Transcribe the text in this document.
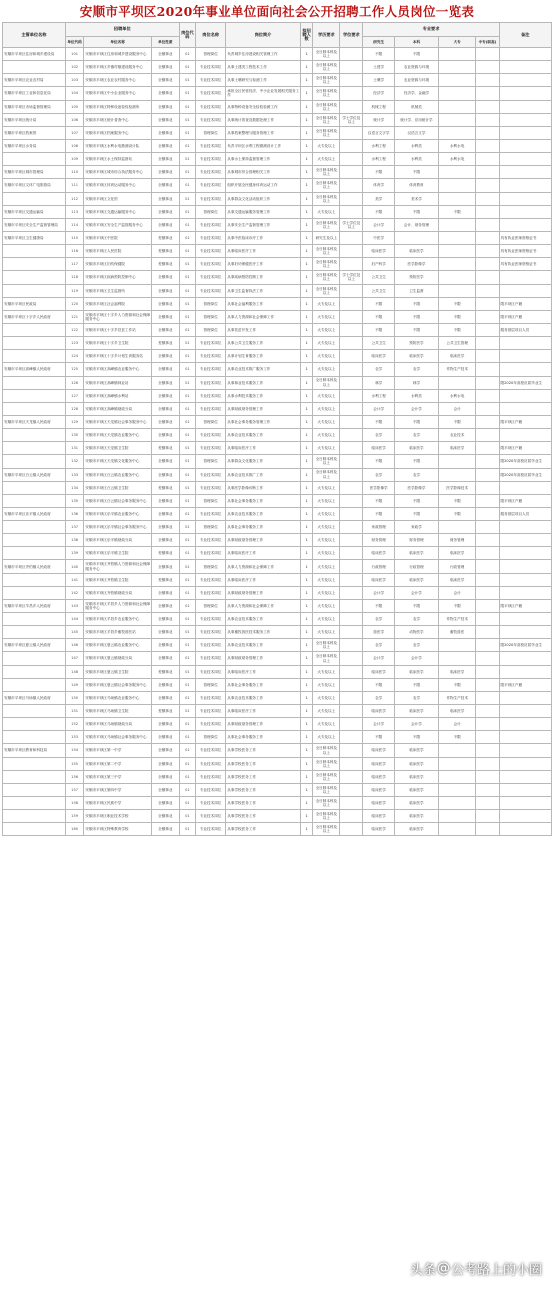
安顺市平坝区2020年事业单位面向社会公开招聘工作人员岗位一览表
主管单位名称	招聘单位			岗位代码	岗位名称	岗位简介	拟招聘人数	学历要求	学位要求	专业要求				备注
	单位代码	单位名称	单位性质							研究生	本科	大专	中专(职高)	
安顺市平坝区住房和城乡建设局	101	安顺市平坝区住房和城乡建设服务中心	全额事业	01	管理岗位	负责城乡住房建设相关管理工作	1	全日制本科及以上		不限	不限			
	102	安顺市平坝区乡镇村镇建设服务中心	全额事业	01	专业技术岗位	从事土建类工程技术工作	1	全日制本科及以上		土建学	农业资源与环境			
安顺市平坝区农业农村局	103	安顺市平坝区农业农村服务中心	全额事业	01	专业技术岗位	从事土壤研究与检测工作	1	全日制本科及以上		土壤学	农业资源与环境			
安顺市平坝区工业和信息化局	104	安顺市平坝区中小企业服务中心	全额事业	01	专业技术岗位	承担全区民营经济、中小企业发展相关服务工作	1	全日制本科及以上		经济学	经济学、金融学			
安顺市平坝区市场监督管理局	105	安顺市平坝区特种设备检验检测所	全额事业	01	专业技术岗位	从事特种设备安全检验检测工作	1	全日制本科及以上		机械工程	机械类			
安顺市平坝区统计局	106	安顺市平坝区统计普查中心	全额事业	01	专业技术岗位	从事统计普查及数据处理工作	1	全日制本科及以上	学士学位及以上	统计学	统计学、应用统计学			
安顺市平坝区档案馆	107	安顺市平坝区档案服务中心	全额事业	01	管理岗位	从事档案整理与服务管理工作	1	全日制本科及以上		汉语言文字学	汉语言文学			
安顺市平坝区水务局	108	安顺市平坝区水利水电勘测设计队	全额事业	01	专业技术岗位	负责平坝区水利工程勘测设计工作	1	大专及以上		水利工程	水利类	水利水电		
	109	安顺市平坝区水土保持监督站	全额事业	01	专业技术岗位	从事水土保持监督管理工作	1	大专及以上		水利工程	水利类	水利水电		
安顺市平坝区城市管理局	110	安顺市平坝区城市综合执法服务中心	全额事业	01	专业技术岗位	从事城市综合管理相关工作	1	全日制本科及以上		不限	不限			
安顺市平坝区文体广电旅游局	111	安顺市平坝区体育运动服务中心	全额事业	01	专业技术岗位	组织开展全民健身体育运动工作	1	全日制本科及以上		体育学	体育教育			
	112	安顺市平坝区文化馆	全额事业	01	专业技术岗位	从事群众文化活动组织工作	1	全日制本科及以上		美学	美术学			
安顺市平坝区交通运输局	113	安顺市平坝区交通运输服务中心	全额事业	01	管理岗位	从事交通运输服务管理工作	1	大专及以上		不限	不限	不限		
安顺市平坝区安全生产监督管理局	114	安顺市平坝区安全生产监管服务中心	全额事业	01	专业技术岗位	从事安全生产监督管理工作	1	全日制本科及以上	学士学位及以上	会计学	会计、财务管理			
安顺市平坝区卫生健康局	115	安顺市平坝区中医院	差额事业	01	专业技术岗位	从事中医临床诊疗工作	1	研究生及以上		中医学				具有执业医师资格证书
	116	安顺市平坝区人民医院	差额事业	01	专业技术岗位	从事临床医疗工作	1	全日制本科及以上		临床医学	临床医学			具有执业医师资格证书
	117	安顺市平坝区妇幼保健院	差额事业	01	专业技术岗位	从事妇幼保健医疗工作	1	全日制本科及以上		妇产科学	医学影像学			具有执业医师资格证书
	118	安顺市平坝区疾病预防控制中心	全额事业	01	专业技术岗位	从事疾病预防控制工作	1	全日制本科及以上	学士学位及以上	公共卫生	预防医学			
	119	安顺市平坝区卫生监督所	全额事业	01	专业技术岗位	从事卫生监督执法工作	1	全日制本科及以上		公共卫生	卫生监督			
安顺市平坝区民政局	120	安顺市平坝区社会福利院	全额事业	01	管理岗位	从事社会福利服务工作	1	大专及以上		不限	不限	不限		限平坝区户籍
安顺市平坝区十字乡人民政府	121	安顺市平坝区十字乡人力资源和社会保障服务中心	全额事业	01	管理岗位	从事人力资源和社会保障工作	1	大专及以上		不限	不限	不限		限平坝区户籍
	122	安顺市平坝区十字乡扶贫工作站	全额事业	01	管理岗位	从事扶贫开发工作	1	大专及以上		不限	不限	不限		服务基层项目人员
	123	安顺市平坝区十字乡卫生院	差额事业	01	专业技术岗位	从事公共卫生服务工作	1	大专及以上		公共卫生	预防医学	公共卫生管理		
	124	安顺市平坝区十字乡计划生育服务站	全额事业	01	专业技术岗位	从事计划生育服务工作	1	大专及以上		临床医学	临床医学	临床医学		
安顺市平坝区高峰镇人民政府	125	安顺市平坝区高峰镇农业服务中心	全额事业	01	专业技术岗位	从事农业技术推广服务工作	1	大专及以上		农学	农学	作物生产技术		
	126	安顺市平坝区高峰镇林业站	全额事业	01	专业技术岗位	从事林业技术服务工作	1	全日制本科及以上		林学	林学			限2020年高校应届毕业生
	127	安顺市平坝区高峰镇水利站	全额事业	01	专业技术岗位	从事水利技术服务工作	1	大专及以上		水利工程	水利类	水利水电		
	128	安顺市平坝区高峰镇财政分局	全额事业	01	专业技术岗位	从事财政财务管理工作	1	大专及以上		会计学	会计学	会计		
安顺市平坝区天龙镇人民政府	129	安顺市平坝区天龙镇社会事务服务中心	全额事业	01	管理岗位	从事社会事务服务管理工作	1	大专及以上		不限	不限	不限		限平坝区户籍
	130	安顺市平坝区天龙镇农业服务中心	全额事业	01	专业技术岗位	从事农业技术服务工作	1	大专及以上		农学	农学	农业技术		
	131	安顺市平坝区天龙镇卫生院	差额事业	01	专业技术岗位	从事临床医疗工作	1	大专及以上		临床医学	临床医学	临床医学		限平坝区户籍
	132	安顺市平坝区天龙镇文化服务中心	全额事业	01	管理岗位	从事群众文化服务工作	1	全日制本科及以上		不限	不限			限2020年高校应届毕业生
安顺市平坝区白云镇人民政府	133	安顺市平坝区白云镇农业服务中心	全额事业	01	专业技术岗位	从事农业技术推广工作	1	全日制本科及以上		农学	农学			限2020年高校应届毕业生
	134	安顺市平坝区白云镇卫生院	差额事业	01	专业技术岗位	从事医学影像诊断工作	1	大专及以上		医学影像学	医学影像学	医学影像技术		
	135	安顺市平坝区白云镇社会事务服务中心	全额事业	01	管理岗位	从事社会事务服务工作	1	大专及以上		不限	不限	不限		限平坝区户籍
安顺市平坝区乐平镇人民政府	136	安顺市平坝区乐平镇农业服务中心	全额事业	01	专业技术岗位	从事农业技术服务工作	1	大专及以上		不限	不限	不限		服务基层项目人员
	137	安顺市平坝区乐平镇社会事务服务中心	全额事业	01	管理岗位	从事社会事务服务工作	1	大专及以上		家政管理	家政学			
	138	安顺市平坝区乐平镇财政分局	全额事业	01	专业技术岗位	从事财政财务管理工作	1	大专及以上		财务管理	财务管理	财务管理		
	139	安顺市平坝区乐平镇卫生院	差额事业	01	专业技术岗位	从事临床医疗工作	1	大专及以上		临床医学	临床医学	临床医学		
安顺市平坝区齐伯镇人民政府	140	安顺市平坝区齐伯镇人力资源和社会保障服务中心	全额事业	01	管理岗位	从事人力资源和社会保障工作	1	大专及以上		行政管理	行政管理	行政管理		
	141	安顺市平坝区齐伯镇卫生院	差额事业	01	专业技术岗位	从事临床医疗工作	1	大专及以上		临床医学	临床医学	临床医学		
	142	安顺市平坝区齐伯镇财政分局	全额事业	01	专业技术岗位	从事财政财务管理工作	1	大专及以上		会计学	会计学	会计		
安顺市平坝区羊昌乡人民政府	143	安顺市平坝区羊昌乡人力资源和社会保障服务中心	全额事业	01	管理岗位	从事人力资源和社会保障工作	1	大专及以上		不限	不限	不限		限平坝区户籍
	144	安顺市平坝区羊昌乡农业服务中心	全额事业	01	专业技术岗位	从事农业技术服务工作	1	大专及以上		农学	农学	作物生产技术		
	145	安顺市平坝区羊昌乡畜牧兽医站	全额事业	01	专业技术岗位	从事畜牧兽医技术服务工作	1	大专及以上		兽医学	动物医学	畜牧兽医		
安顺市平坝区夏云镇人民政府	146	安顺市平坝区夏云镇农业服务中心	全额事业	01	专业技术岗位	从事农业技术服务工作	1	全日制本科及以上		农学	农学			限2020年高校应届毕业生
	147	安顺市平坝区夏云镇财政分局	全额事业	01	专业技术岗位	从事财政财务管理工作	1	全日制本科及以上		会计学	会计学			
	148	安顺市平坝区夏云镇卫生院	差额事业	01	专业技术岗位	从事临床医疗工作	1	大专及以上		临床医学	临床医学	临床医学		
	149	安顺市平坝区夏云镇社会事务服务中心	全额事业	01	管理岗位	从事社会事务服务工作	1	大专及以上		不限	不限	不限		限平坝区户籍
安顺市平坝区马场镇人民政府	150	安顺市平坝区马场镇农业服务中心	全额事业	01	专业技术岗位	从事农业技术服务工作	1	大专及以上		农学	农学	作物生产技术		
	151	安顺市平坝区马场镇卫生院	差额事业	01	专业技术岗位	从事临床医疗工作	1	大专及以上		临床医学	临床医学	临床医学		
	152	安顺市平坝区马场镇财政分局	全额事业	01	专业技术岗位	从事财政财务管理工作	1	大专及以上		会计学	会计学	会计		
	153	安顺市平坝区马场镇社会事务服务中心	全额事业	01	管理岗位	从事社会事务服务工作	1	大专及以上		不限	不限	不限		
安顺市平坝区教育和科技局	154	安顺市平坝区第一中学	全额事业	01	专业技术岗位	从事学校医务工作	1	全日制本科及以上		临床医学	临床医学			
	155	安顺市平坝区第二中学	全额事业	01	专业技术岗位	从事学校医务工作	1	全日制本科及以上		临床医学	临床医学			
	156	安顺市平坝区第三中学	全额事业	01	专业技术岗位	从事学校医务工作	1	全日制本科及以上		临床医学	临床医学			
	157	安顺市平坝区第四中学	全额事业	01	专业技术岗位	从事学校医务工作	1	全日制本科及以上		临床医学	临床医学			
	158	安顺市平坝区民族中学	全额事业	01	专业技术岗位	从事学校医务工作	1	全日制本科及以上		临床医学	临床医学			
	159	安顺市平坝区职业技术学校	全额事业	01	专业技术岗位	从事学校医务工作	1	全日制本科及以上		临床医学	临床医学			
	160	安顺市平坝区特殊教育学校	全额事业	01	专业技术岗位	从事学校医务工作	1	全日制本科及以上		临床医学	临床医学			
头条 @ 公考路上的小圈
